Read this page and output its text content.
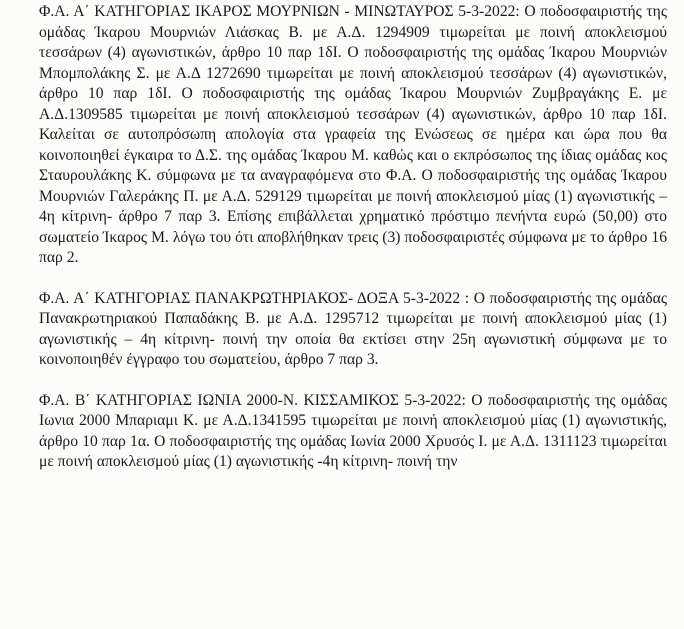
Φ.Α. Α΄ ΚΑΤΗΓΟΡΙΑΣ ΙΚΑΡΟΣ ΜΟΥΡΝΙΩΝ - ΜΙΝΩΤΑΥΡΟΣ 5-3-2022: Ο ποδοσφαιριστής της ομάδας Ίκαρου Μουρνιών Λιάσκας Β. με Α.Δ. 1294909 τιμωρείται με ποινή αποκλεισμού τεσσάρων (4) αγωνιστικών, άρθρο 10 παρ 1δΙ. Ο ποδοσφαιριστής της ομάδας Ίκαρου Μουρνιών Μπομπολάκης Σ. με Α.Δ 1272690 τιμωρείται με ποινή αποκλεισμού τεσσάρων (4) αγωνιστικών, άρθρο 10 παρ 1δΙ. Ο ποδοσφαιριστής της ομάδας Ίκαρου Μουρνιών Ζυμβραγάκης Ε. με Α.Δ.1309585 τιμωρείται με ποινή αποκλεισμού τεσσάρων (4) αγωνιστικών, άρθρο 10 παρ 1δΙ. Καλείται σε αυτοπρόσωπη απολογία στα γραφεία της Ενώσεως σε ημέρα και ώρα που θα κοινοποιηθεί έγκαιρα το Δ.Σ. της ομάδας Ίκαρου Μ. καθώς και ο εκπρόσωπος της ίδιας ομάδας κος Σταυρουλάκης Κ. σύμφωνα με τα αναγραφόμενα στο Φ.Α. Ο ποδοσφαιριστής της ομάδας Ίκαρου Μουρνιών Γαλεράκης Π. με Α.Δ. 529129 τιμωρείται με ποινή αποκλεισμού μίας (1) αγωνιστικής – 4η κίτρινη- άρθρο 7 παρ 3. Επίσης επιβάλλεται χρηματικό πρόστιμο πενήντα ευρώ (50,00) στο σωματείο Ίκαρος Μ. λόγω του ότι αποβλήθηκαν τρεις (3) ποδοσφαιριστές σύμφωνα με το άρθρο 16 παρ 2.

Φ.Α. Α΄ ΚΑΤΗΓΟΡΙΑΣ ΠΑΝΑΚΡΩΤΗΡΙΑΚΟΣ- ΔΟΞΑ 5-3-2022 : Ο ποδοσφαιριστής της ομάδας Πανακρωτηριακού Παπαδάκης Β. με Α.Δ. 1295712 τιμωρείται με ποινή αποκλεισμού μίας (1) αγωνιστικής – 4η κίτρινη- ποινή την οποία θα εκτίσει στην 25η αγωνιστική σύμφωνα με το κοινοποιηθέν έγγραφο του σωματείου, άρθρο 7 παρ 3.

Φ.Α. Β΄ ΚΑΤΗΓΟΡΙΑΣ ΙΩΝΙΑ 2000-Ν. ΚΙΣΣΑΜΙΚΟΣ 5-3-2022: Ο ποδοσφαιριστής της ομάδας Ιωνια 2000 Μπαριαμι Κ. με Α.Δ.1341595 τιμωρείται με ποινή αποκλεισμού μίας (1) αγωνιστικής, άρθρο 10 παρ 1α. Ο ποδοσφαιριστής της ομάδας Ιωνία 2000 Χρυσός Ι. με Α.Δ. 1311123 τιμωρείται με ποινή αποκλεισμού μίας (1) αγωνιστικής -4η κίτρινη- ποινή την
